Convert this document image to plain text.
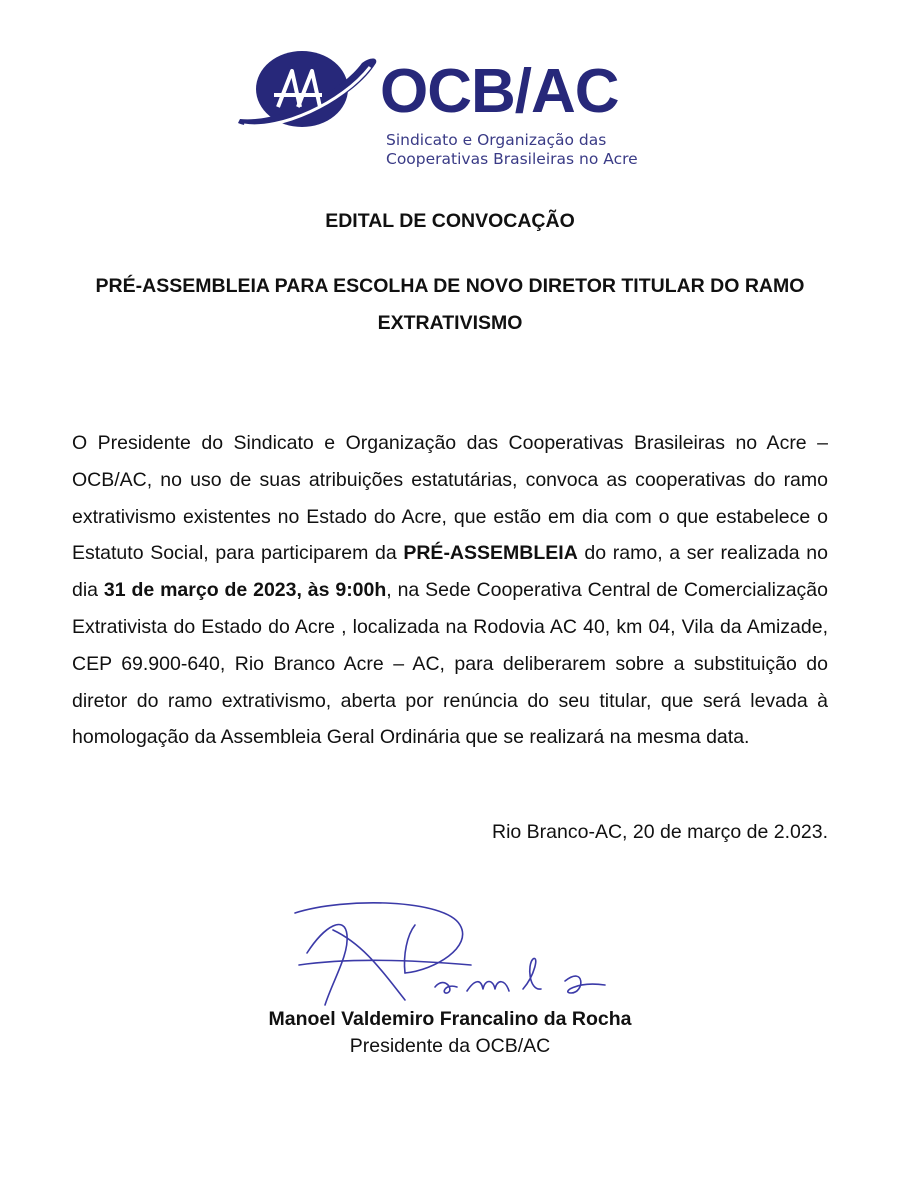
OCB/AC
Sindicato e Organização das
Cooperativas Brasileiras no Acre
EDITAL DE CONVOCAÇÃO
PRÉ-ASSEMBLEIA PARA ESCOLHA DE NOVO DIRETOR TITULAR DO RAMO EXTRATIVISMO
O Presidente do Sindicato e Organização das Cooperativas Brasileiras no Acre – OCB/AC, no uso de suas atribuições estatutárias, convoca as cooperativas do ramo extrativismo existentes no Estado do Acre, que estão em dia com o que estabelece o Estatuto Social, para participarem da PRÉ-ASSEMBLEIA do ramo, a ser realizada no dia 31 de março de 2023, às 9:00h, na Sede Cooperativa Central de Comercialização Extrativista do Estado do Acre , localizada na Rodovia AC 40, km 04, Vila da Amizade, CEP 69.900-640, Rio Branco Acre – AC, para deliberarem sobre a substituição do diretor do ramo extrativismo, aberta por renúncia do seu titular, que será levada à homologação da Assembleia Geral Ordinária que se realizará na mesma data.
Rio Branco-AC, 20 de março de 2.023.
Manoel Valdemiro Francalino da Rocha
Presidente da OCB/AC
